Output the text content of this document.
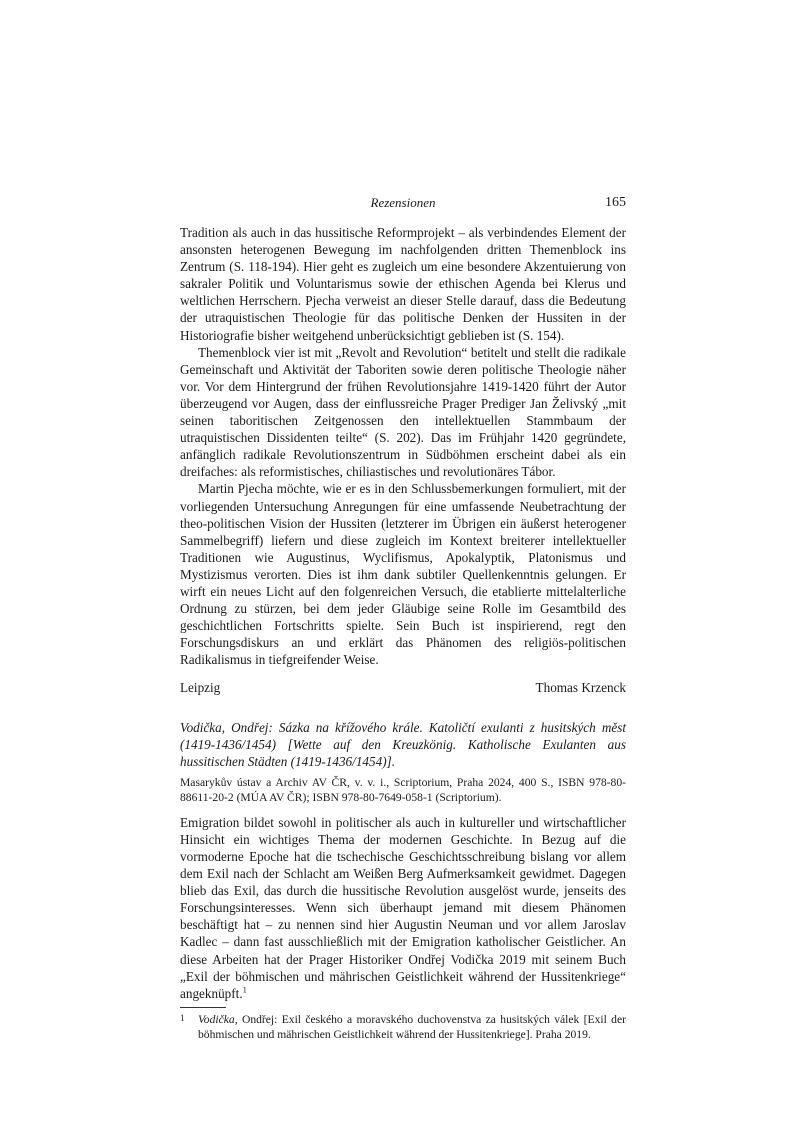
Rezensionen	165

Tradition als auch in das hussitische Reformprojekt – als verbindendes Element der ansonsten heterogenen Bewegung im nachfolgenden dritten Themenblock ins Zentrum (S. 118-194). Hier geht es zugleich um eine besondere Akzentuierung von sakraler Politik und Voluntarismus sowie der ethischen Agenda bei Klerus und weltlichen Herrschern. Pjecha verweist an dieser Stelle darauf, dass die Bedeutung der utraquistischen Theologie für das politische Denken der Hussiten in der Historiografie bisher weitgehend unberücksichtigt geblieben ist (S. 154).

Themenblock vier ist mit „Revolt and Revolution“ betitelt und stellt die radikale Gemeinschaft und Aktivität der Taboriten sowie deren politische Theologie näher vor. Vor dem Hintergrund der frühen Revolutionsjahre 1419-1420 führt der Autor überzeugend vor Augen, dass der einflussreiche Prager Prediger Jan Želivský „mit seinen taboritischen Zeitgenossen den intellektuellen Stammbaum der utraquistischen Dissidenten teilte“ (S. 202). Das im Frühjahr 1420 gegründete, anfänglich radikale Revolutionszentrum in Südböhmen erscheint dabei als ein dreifaches: als reformistisches, chiliastisches und revolutionäres Tábor.

Martin Pjecha möchte, wie er es in den Schlussbemerkungen formuliert, mit der vorliegenden Untersuchung Anregungen für eine umfassende Neubetrachtung der theo-politischen Vision der Hussiten (letzterer im Übrigen ein äußerst heterogener Sammelbegriff) liefern und diese zugleich im Kontext breiterer intellektueller Traditionen wie Augustinus, Wyclifismus, Apokalyptik, Platonismus und Mystizismus verorten. Dies ist ihm dank subtiler Quellenkenntnis gelungen. Er wirft ein neues Licht auf den folgenreichen Versuch, die etablierte mittelalterliche Ordnung zu stürzen, bei dem jeder Gläubige seine Rolle im Gesamtbild des geschichtlichen Fortschritts spielte. Sein Buch ist inspirierend, regt den Forschungsdiskurs an und erklärt das Phänomen des religiös-politischen Radikalismus in tiefgreifender Weise.

Leipzig	Thomas Krzenck

Vodička, Ondřej: Sázka na křížového krále. Katoličtí exulanti z husitských měst (1419-1436/1454) [Wette auf den Kreuzkönig. Katholische Exulanten aus hussitischen Städten (1419-1436/1454)].

Masarykův ústav a Archiv AV ČR, v. v. i., Scriptorium, Praha 2024, 400 S., ISBN 978-80-88611-20-2 (MÚA AV ČR); ISBN 978-80-7649-058-1 (Scriptorium).

Emigration bildet sowohl in politischer als auch in kultureller und wirtschaftlicher Hinsicht ein wichtiges Thema der modernen Geschichte. In Bezug auf die vormoderne Epoche hat die tschechische Geschichtsschreibung bislang vor allem dem Exil nach der Schlacht am Weißen Berg Aufmerksamkeit gewidmet. Dagegen blieb das Exil, das durch die hussitische Revolution ausgelöst wurde, jenseits des Forschungsinteresses. Wenn sich überhaupt jemand mit diesem Phänomen beschäftigt hat – zu nennen sind hier Augustin Neuman und vor allem Jaroslav Kadlec – dann fast ausschließlich mit der Emigration katholischer Geistlicher. An diese Arbeiten hat der Prager Historiker Ondřej Vodička 2019 mit seinem Buch „Exil der böhmischen und mährischen Geistlichkeit während der Hussitenkriege“ angeknüpft.$^1$

1	Vodička, Ondřej: Exil českého a moravského duchovenstva za husitských válek [Exil der böhmischen und mährischen Geistlichkeit während der Hussitenkriege]. Praha 2019.
